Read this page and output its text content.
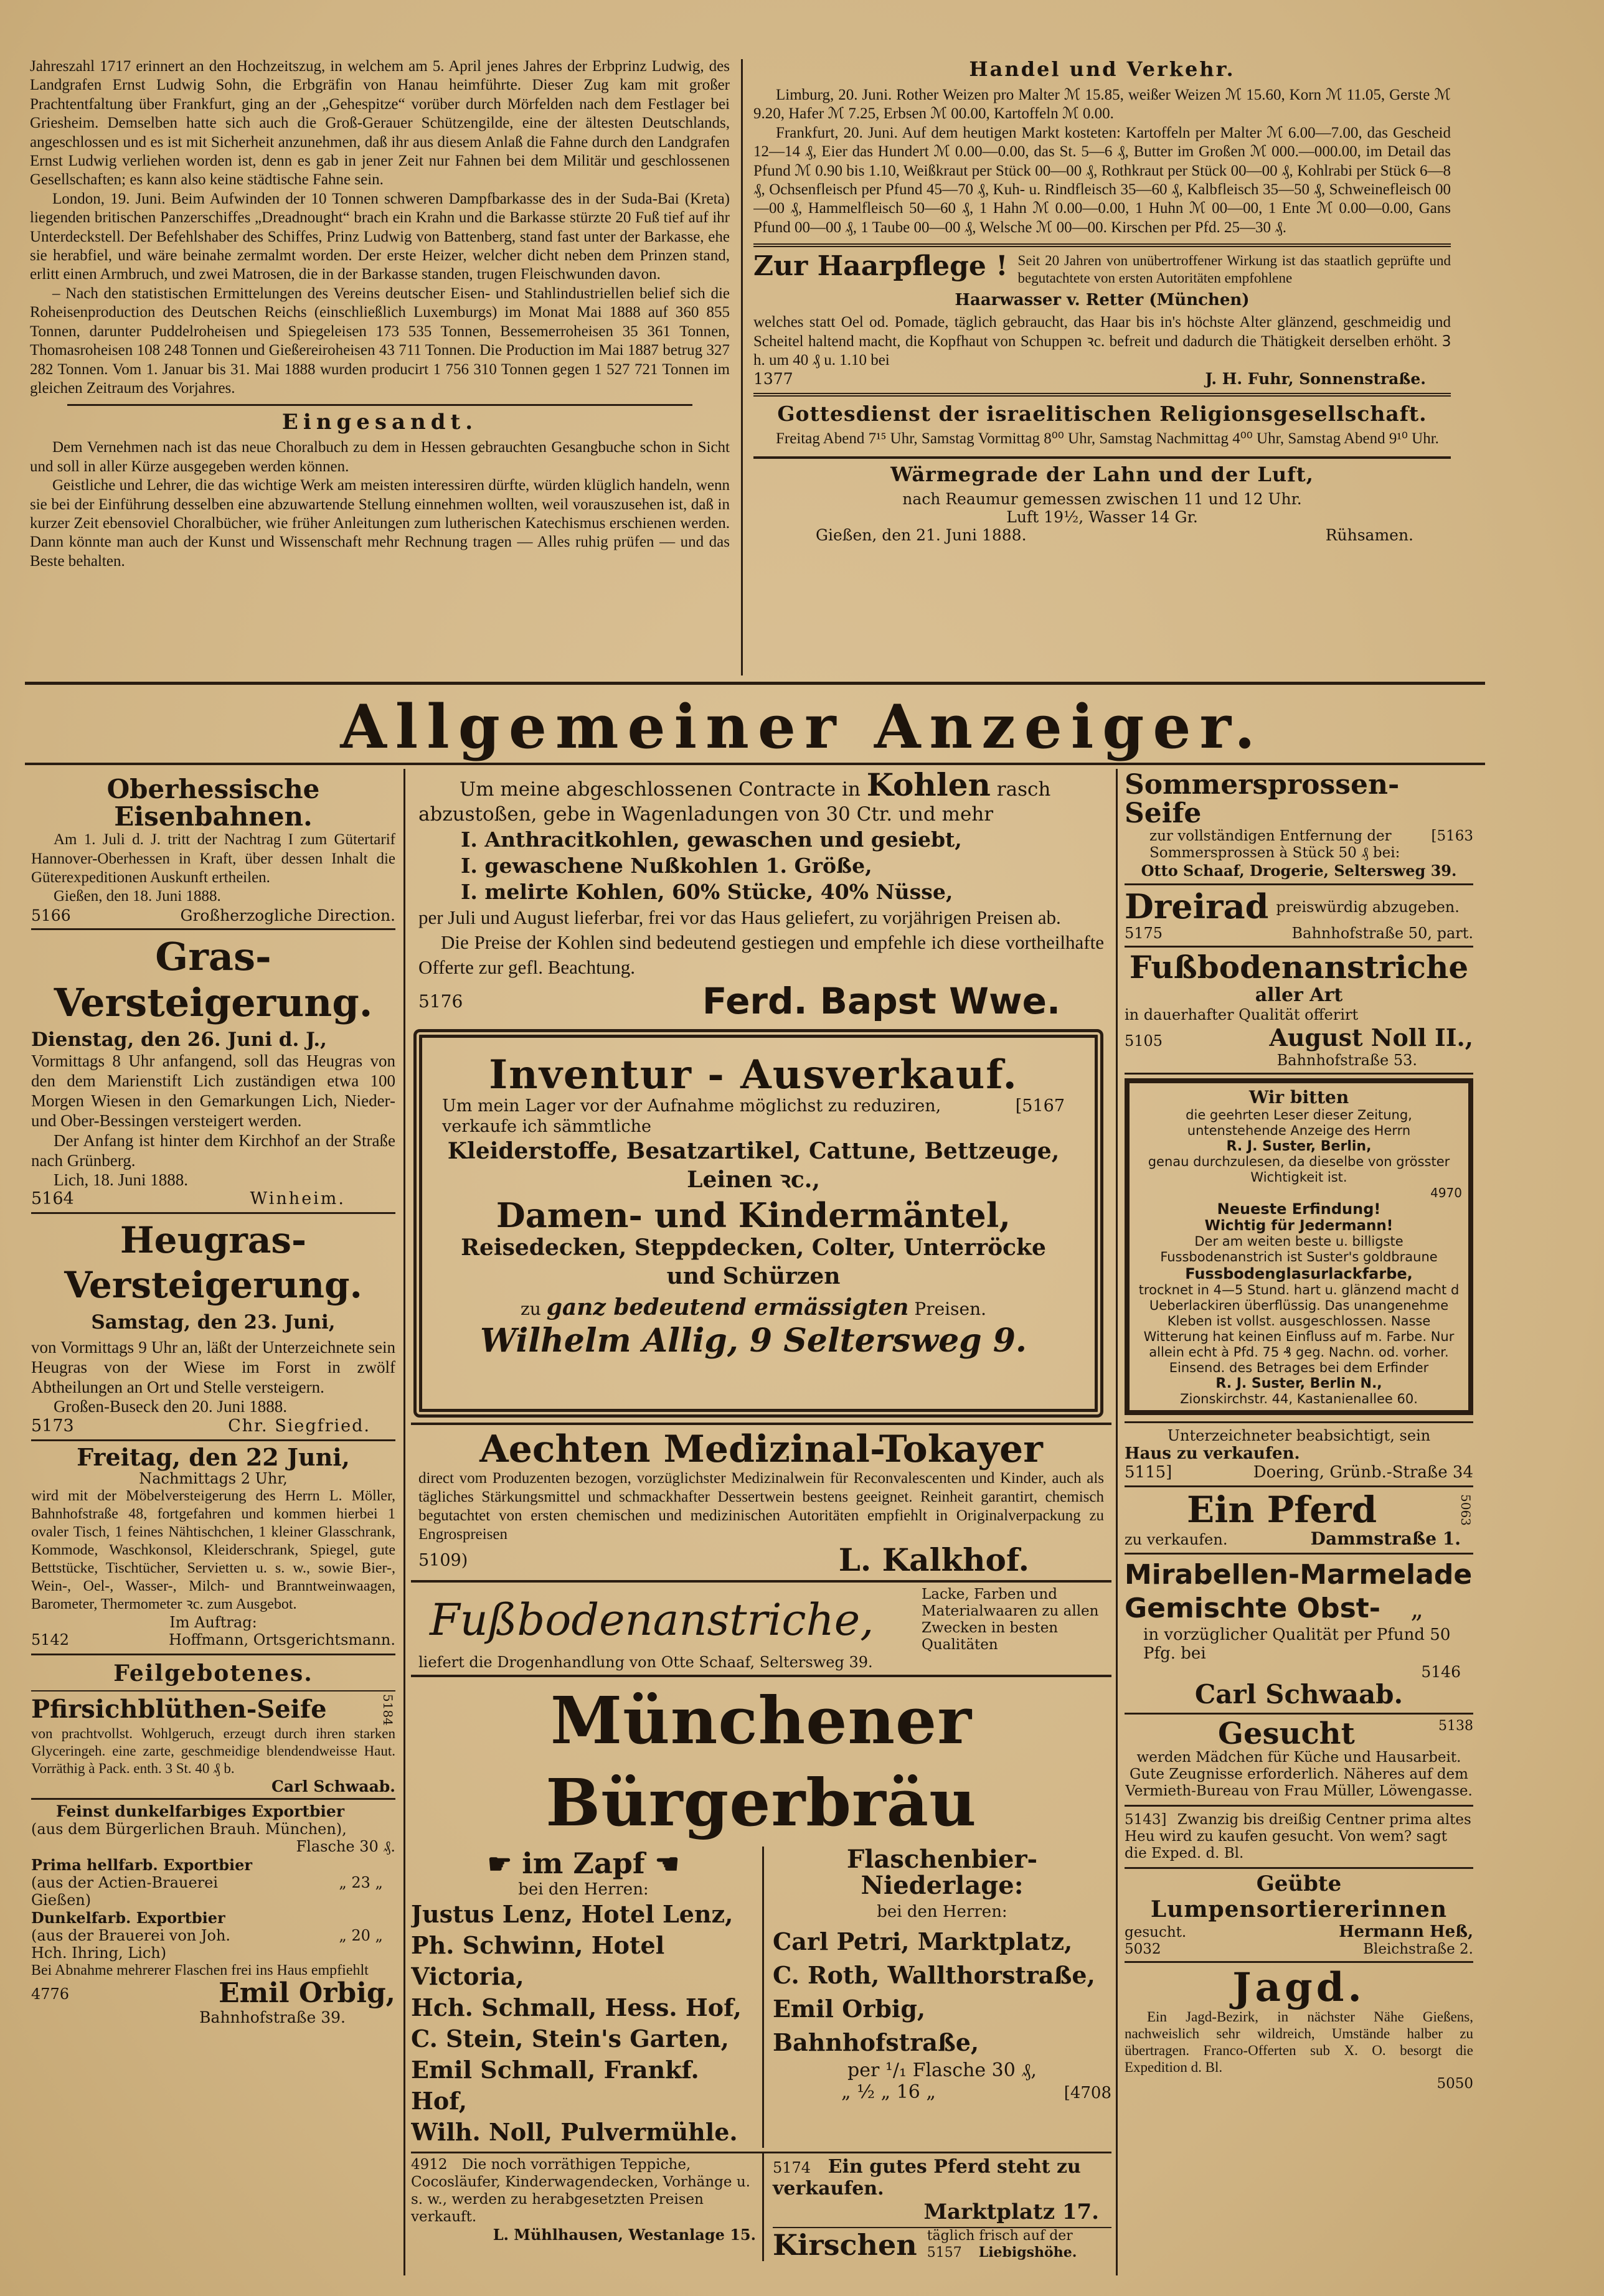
Jahreszahl 1717 erinnert an den Hochzeitszug, in welchem am 5. April jenes Jahres der Erbprinz Ludwig, des Landgrafen Ernst Ludwig Sohn, die Erbgräfin von Hanau heimführte. Dieser Zug kam mit großer Prachtentfaltung über Frankfurt, ging an der „Gehespitze“ vorüber durch Mörfelden nach dem Festlager bei Griesheim. Demselben hatte sich auch die Groß-Gerauer Schützengilde, eine der ältesten Deutschlands, angeschlossen und es ist mit Sicherheit anzunehmen, daß ihr aus diesem Anlaß die Fahne durch den Landgrafen Ernst Ludwig verliehen worden ist, denn es gab in jener Zeit nur Fahnen bei dem Militär und geschlossenen Gesellschaften; es kann also keine städtische Fahne sein.

London, 19. Juni. Beim Aufwinden der 10 Tonnen schweren Dampfbarkasse des in der Suda-Bai (Kreta) liegenden britischen Panzerschiffes „Dreadnought“ brach ein Krahn und die Barkasse stürzte 20 Fuß tief auf ihr Unterdeckstell. Der Befehlshaber des Schiffes, Prinz Ludwig von Battenberg, stand fast unter der Barkasse, ehe sie herabfiel, und wäre beinahe zermalmt worden. Der erste Heizer, welcher dicht neben dem Prinzen stand, erlitt einen Armbruch, und zwei Matrosen, die in der Barkasse standen, trugen Fleischwunden davon.

– Nach den statistischen Ermittelungen des Vereins deutscher Eisen- und Stahlindustriellen belief sich die Roheisenproduction des Deutschen Reichs (einschließlich Luxemburgs) im Monat Mai 1888 auf 360 855 Tonnen, darunter Puddelroheisen und Spiegeleisen 173 535 Tonnen, Bessemerroheisen 35 361 Tonnen, Thomasroheisen 108 248 Tonnen und Gießereiroheisen 43 711 Tonnen. Die Production im Mai 1887 betrug 327 282 Tonnen. Vom 1. Januar bis 31. Mai 1888 wurden producirt 1 756 310 Tonnen gegen 1 527 721 Tonnen im gleichen Zeitraum des Vorjahres.

Eingesandt.

Dem Vernehmen nach ist das neue Choralbuch zu dem in Hessen gebrauchten Gesangbuche schon in Sicht und soll in aller Kürze ausgegeben werden können.

Geistliche und Lehrer, die das wichtige Werk am meisten interessiren dürfte, würden klüglich handeln, wenn sie bei der Einführung desselben eine abzuwartende Stellung einnehmen wollten, weil vorauszusehen ist, daß in kurzer Zeit ebensoviel Choralbücher, wie früher Anleitungen zum lutherischen Katechismus erschienen werden. Dann könnte man auch der Kunst und Wissenschaft mehr Rechnung tragen — Alles ruhig prüfen — und das Beste behalten.

Handel und Verkehr.

Limburg, 20. Juni. Rother Weizen pro Malter ℳ 15.85, weißer Weizen ℳ 15.60, Korn ℳ 11.05, Gerste ℳ 9.20, Hafer ℳ 7.25, Erbsen ℳ 00.00, Kartoffeln ℳ 0.00.

Frankfurt, 20. Juni. Auf dem heutigen Markt kosteten: Kartoffeln per Malter ℳ 6.00—7.00, das Gescheid 12—14 ₰, Eier das Hundert ℳ 0.00—0.00, das St. 5—6 ₰, Butter im Großen ℳ 000.—000.00, im Detail das Pfund ℳ 0.90 bis 1.10, Weißkraut per Stück 00—00 ₰, Rothkraut per Stück 00—00 ₰, Kohlrabi per Stück 6—8 ₰, Ochsenfleisch per Pfund 45—70 ₰, Kuh- u. Rindfleisch 35—60 ₰, Kalbfleisch 35—50 ₰, Schweinefleisch 00—00 ₰, Hammelfleisch 50—60 ₰, 1 Hahn ℳ 0.00—0.00, 1 Huhn ℳ 00—00, 1 Ente ℳ 0.00—0.00, Gans Pfund 00—00 ₰, 1 Taube 00—00 ₰, Welsche ℳ 00—00. Kirschen per Pfd. 25—30 ₰.

Zur Haarpflege ! Seit 20 Jahren von unübertroffener Wirkung ist das staatlich geprüfte und begutachtete von ersten Autoritäten empfohlene

Haarwasser v. Retter (München)

welches statt Oel od. Pomade, täglich gebraucht, das Haar bis in's höchste Alter glänzend, geschmeidig und Scheitel haltend macht, die Kopfhaut von Schuppen ꝛc. befreit und dadurch die Thätigkeit derselben erhöht. Ꝫ h. um 40 ₰ u. 1.10 bei

1377	J. H. Fuhr, Sonnenstraße.
Gottesdienst der israelitischen Religionsgesellschaft.

Freitag Abend 7¹⁵ Uhr, Samstag Vormittag 8⁰⁰ Uhr, Samstag Nachmittag 4⁰⁰ Uhr, Samstag Abend 9¹⁰ Uhr.

Wärmegrade der Lahn und der Luft,
nach Reaumur gemessen zwischen 11 und 12 Uhr.
Luft 19½, Wasser 14 Gr.
Gießen, den 21. Juni 1888.	Rühsamen.
Allgemeiner Anzeiger.
Oberhessische Eisenbahnen.

Am 1. Juli d. J. tritt der Nachtrag I zum Gütertarif Hannover-Oberhessen in Kraft, über dessen Inhalt die Güterexpeditionen Auskunft ertheilen.

Gießen, den 18. Juni 1888.

5166	Großherzogliche Direction.
Gras-Versteigerung.
Dienstag, den 26. Juni d. J.,

Vormittags 8 Uhr anfangend, soll das Heugras von den dem Marienstift Lich zuständigen etwa 100 Morgen Wiesen in den Gemarkungen Lich, Nieder- und Ober-Bessingen versteigert werden.

Der Anfang ist hinter dem Kirchhof an der Straße nach Grünberg.

Lich, 18. Juni 1888.

5164	Winheim.
Heugras-Versteigerung.
Samstag, den 23. Juni,

von Vormittags 9 Uhr an, läßt der Unterzeichnete sein Heugras von der Wiese im Forst in zwölf Abtheilungen an Ort und Stelle versteigern.

Großen-Buseck den 20. Juni 1888.

5173	Chr. Siegfried.
Freitag, den 22 Juni,
Nachmittags 2 Uhr,

wird mit der Möbelversteigerung des Herrn L. Möller, Bahnhofstraße 48, fortgefahren und kommen hierbei 1 ovaler Tisch, 1 feines Nähtischchen, 1 kleiner Glasschrank, Kommode, Waschkonsol, Kleiderschrank, Spiegel, gute Bettstücke, Tischtücher, Servietten u. s. w., sowie Bier-, Wein-, Oel-, Wasser-, Milch- und Branntweinwaagen, Barometer, Thermometer ꝛc. zum Ausgebot.

Im Auftrag:
5142	Hoffmann, Ortsgerichtsmann.
Feilgebotenes.
Pfirsichblüthen-Seife	5184

von prachtvollst. Wohlgeruch, erzeugt durch ihren starken Glyceringeh. eine zarte, geschmeidige blendendweisse Haut. Vorräthig à Pack. enth. 3 St. 40 ₰ b.

Carl Schwaab.
Feinst dunkelfarbiges Exportbier
(aus dem Bürgerlichen Brauh. München),
Flasche 30 ₰.
Prima hellfarb. Exportbier
(aus der Actien-Brauerei Gießen)
„ 23 „
Dunkelfarb. Exportbier
(aus der Brauerei von Joh. Hch. Ihring, Lich)
„ 20 „

Bei Abnahme mehrerer Flaschen frei ins Haus empfiehlt

4776	Emil Orbig,
Bahnhofstraße 39.
Um meine abgeschlossenen Contracte in Kohlen rasch abzustoßen, gebe in Wagenladungen von 30 Ctr. und mehr
I. Anthracitkohlen, gewaschen und gesiebt,
I. gewaschene Nußkohlen 1. Größe,
I. melirte Kohlen, 60% Stücke, 40% Nüsse,

per Juli und August lieferbar, frei vor das Haus geliefert, zu vorjährigen Preisen ab.

Die Preise der Kohlen sind bedeutend gestiegen und empfehle ich diese vortheilhafte Offerte zur gefl. Beachtung.

5176	Ferd. Bapst Wwe.
Inventur - Ausverkauf.
Um mein Lager vor der Aufnahme möglichst zu reduziren, verkaufe ich sämmtliche
[5167
Kleiderstoffe, Besatzartikel, Cattune, Bettzeuge, Leinen ꝛc.,
Damen- und Kindermäntel,
Reisedecken, Steppdecken, Colter, Unterröcke und Schürzen
zu ganz bedeutend ermässigten Preisen.
Wilhelm Allig, 9 Seltersweg 9.
Aechten Medizinal-Tokayer

direct vom Produzenten bezogen, vorzüglichster Medizinalwein für Reconvalescenten und Kinder, auch als tägliches Stärkungsmittel und schmackhafter Dessertwein bestens geeignet. Reinheit garantirt, chemisch begutachtet von ersten chemischen und medizinischen Autoritäten empfiehlt in Originalverpackung zu Engrospreisen

5109)	L. Kalkhof.
Fußbodenanstriche,	Lacke, Farben und Materialwaaren zu allen Zwecken in besten Qualitäten
liefert die Drogenhandlung von Otte Schaaf, Seltersweg 39.
Münchener Bürgerbräu
☛ im Zapf ☚
bei den Herren:
Justus Lenz, Hotel Lenz,
Ph. Schwinn, Hotel Victoria,
Hch. Schmall, Hess. Hof,
C. Stein, Stein's Garten,
Emil Schmall, Frankf. Hof,
Wilh. Noll, Pulvermühle.
Flaschenbier-Niederlage:
bei den Herren:
Carl Petri, Marktplatz,
C. Roth, Wallthorstraße,
Emil Orbig, Bahnhofstraße,
per ¹/₁ Flasche 30 ₰,
„ ½ „ 16 „	[4708
4912 Die noch vorräthigen Teppiche, Cocosläufer, Kinderwagendecken, Vorhänge u. s. w., werden zu herabgesetzten Preisen verkauft.
L. Mühlhausen, Westanlage 15.
5174 Ein gutes Pferd steht zu verkaufen.
Marktplatz 17.
Kirschen täglich frisch auf der
5157 Liebigshöhe.
Sommersprossen-Seife
zur vollständigen Entfernung der Sommersprossen à Stück 50 ₰ bei:
[5163
Otto Schaaf, Drogerie, Seltersweg 39.
Dreirad preiswürdig abzugeben.
5175	Bahnhofstraße 50, part.
Fußbodenanstriche
aller Art
in dauerhafter Qualität offerirt
5105	August Noll II.,
Bahnhofstraße 53.
Wir bitten
die geehrten Leser dieser Zeitung, untenstehende Anzeige des Herrn
R. J. Suster, Berlin,
genau durchzulesen, da dieselbe von grösster Wichtigkeit ist.
4970
Neueste Erfindung!
Wichtig für Jedermann!
Der am weiten beste u. billigste Fussbodenanstrich ist Suster's goldbraune
Fussbodenglasurlackfarbe,
trocknet in 4—5 Stund. hart u. glänzend macht d Ueberlackiren überflüssig. Das unangenehme Kleben ist vollst. ausgeschlossen. Nasse Witterung hat keinen Einfluss auf m. Farbe. Nur allein echt à Pfd. 75 ₰ geg. Nachn. od. vorher. Einsend. des Betrages bei dem Erfinder
R. J. Suster, Berlin N.,
Zionskirchstr. 44, Kastanienallee 60.
Unterzeichneter beabsichtigt, sein
Haus zu verkaufen.
5115]	Doering, Grünb.-Straße 34
Ein Pferd	5063
zu verkaufen.	Dammstraße 1.
Mirabellen-Marmelade
Gemischte Obst- „
in vorzüglicher Qualität per Pfund 50 Pfg. bei
5146
Carl Schwaab.
Gesucht	5138
werden Mädchen für Küche und Hausarbeit. Gute Zeugnisse erforderlich. Näheres auf dem Vermieth-Bureau von Frau Müller, Löwengasse.
5143] Zwanzig bis dreißig Centner prima altes Heu wird zu kaufen gesucht. Von wem? sagt die Exped. d. Bl.
Geübte
Lumpensortiererinnen
gesucht.	Hermann Heß,
5032	Bleichstraße 2.
Jagd.

Ein Jagd-Bezirk, in nächster Nähe Gießens, nachweislich sehr wildreich, Umstände halber zu übertragen. Franco-Offerten sub X. O. besorgt die Expedition d. Bl.

5050
